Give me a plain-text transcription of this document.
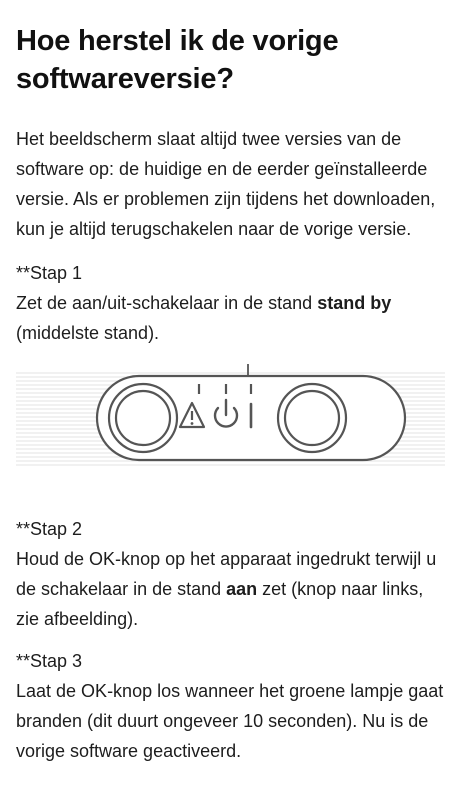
Hoe herstel ik de vorige softwareversie?

Het beeldscherm slaat altijd twee versies van de software op: de huidige en de eerder geïnstalleerde versie. Als er problemen zijn tijdens het downloaden, kun je altijd terugschakelen naar de vorige versie.

**Stap 1

Zet de aan/uit-schakelaar in de stand stand by (middelste stand).

**Stap 2

Houd de OK-knop op het apparaat ingedrukt terwijl u de schakelaar in de stand aan zet (knop naar links, zie afbeelding).

**Stap 3

Laat de OK-knop los wanneer het groene lampje gaat branden (dit duurt ongeveer 10 seconden). Nu is de vorige software geactiveerd.
